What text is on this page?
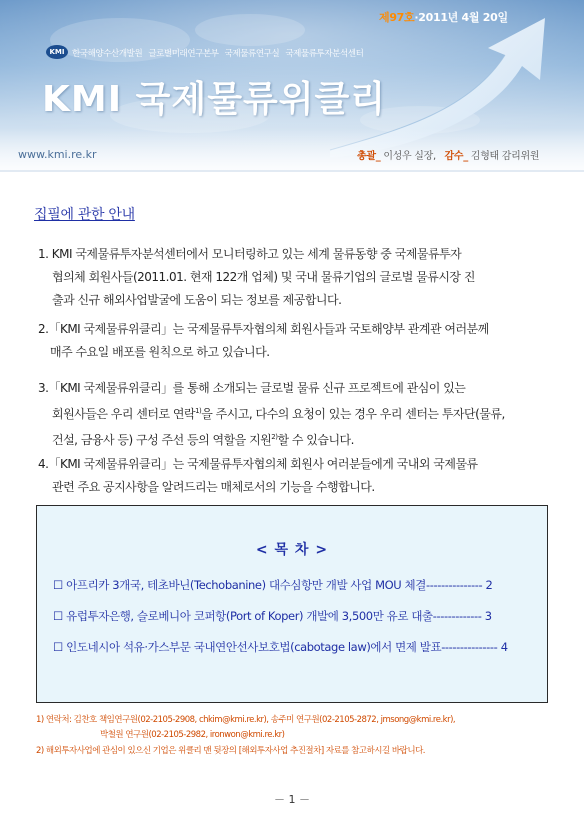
제97호·2011년 4월 20일
KMI 한국해양수산개발원 글로벌미래연구본부 국제물류연구실 국제물류투자분석센터
KMI 국제물류위클리
www.kmi.re.kr	총괄_ 이성우 실장, 감수_ 김형태 감리위원
집필에 관한 안내
1. KMI 국제물류투자분석센터에서 모니터링하고 있는 세계 물류동향 중 국제물류투자
협의체 회원사들(2011.01. 현재 122개 업체) 및 국내 물류기업의 글로벌 물류시장 진
출과 신규 해외사업발굴에 도움이 되는 정보를 제공합니다.
2.「KMI 국제물류위클리」는 국제물류투자협의체 회원사들과 국토해양부 관계관 여러분께
매주 수요일 배포를 원칙으로 하고 있습니다.
3.「KMI 국제물류위클리」를 통해 소개되는 글로벌 물류 신규 프로젝트에 관심이 있는
회원사들은 우리 센터로 연락$^{1)}$을 주시고, 다수의 요청이 있는 경우 우리 센터는 투자단(물류,
건설, 금융사 등) 구성 주선 등의 역할을 지원$^{2)}$할 수 있습니다.
4.「KMI 국제물류위클리」는 국제물류투자협의체 회원사 여러분들에게 국내외 국제물류
관련 주요 공지사항을 알려드리는 매체로서의 기능을 수행합니다.
< 목 차 >
☐ 아프리카 3개국, 테초바닌(Techobanine) 대수심항만 개발 사업 MOU 체결--------------- 2
☐ 유럽투자은행, 슬로베니아 코퍼항(Port of Koper) 개발에 3,500만 유로 대출------------- 3
☐ 인도네시아 석유·가스부문 국내연안선사보호법(cabotage law)에서 면제 발표--------------- 4
1) 연락처: 김찬호 책임연구원(02-2105-2908, chkim@kmi.re.kr), 송주미 연구원(02-2105-2872, jmsong@kmi.re.kr),
박철원 연구원(02-2105-2982, ironwon@kmi.re.kr)
2) 해외투자사업에 관심이 있으신 기업은 위클리 맨 뒷장의 [해외투자사업 추진절차] 자료를 참고하시길 바랍니다.
－ 1 －
